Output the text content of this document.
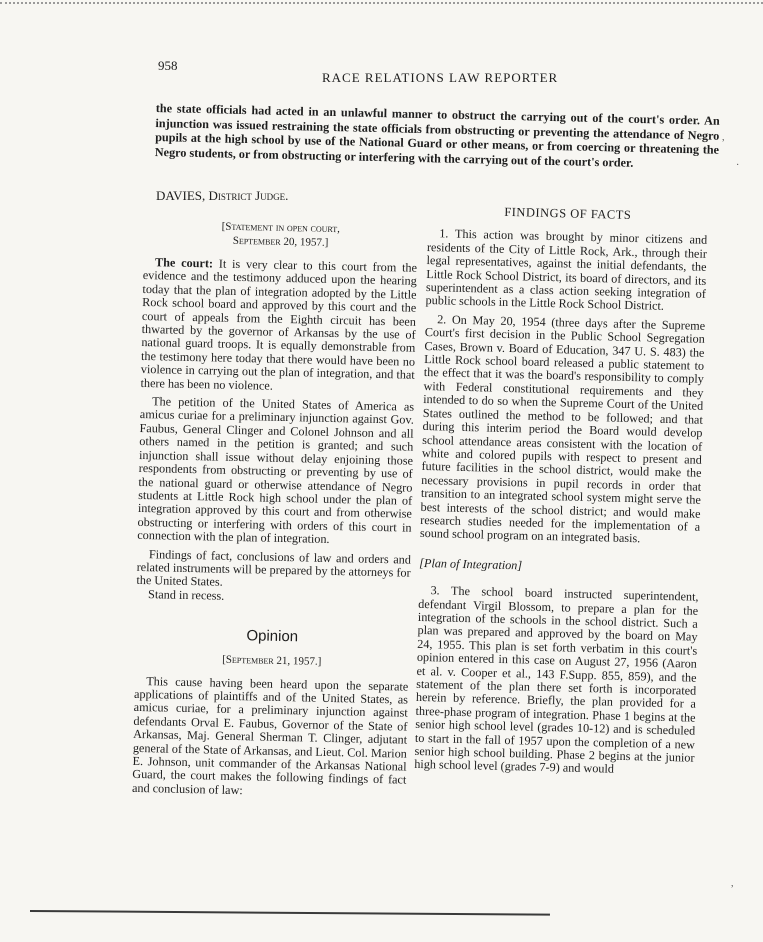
958
RACE RELATIONS LAW REPORTER

the state officials had acted in an unlawful manner to obstruct the carrying out of the court's order. An injunction was issued restraining the state officials from obstructing or preventing the attendance of Negro pupils at the high school by use of the National Guard or other means, or from coercing or threatening the Negro students, or from obstructing or interfering with the carrying out of the court's order.

DAVIES, District Judge.
[Statement in open court,
September 20, 1957.]

The court: It is very clear to this court from the evidence and the testimony adduced upon the hearing today that the plan of integration adopted by the Little Rock school board and approved by this court and the court of appeals from the Eighth circuit has been thwarted by the governor of Arkansas by the use of national guard troops. It is equally demonstrable from the testimony here today that there would have been no violence in carrying out the plan of integration, and that there has been no violence.

The petition of the United States of America as amicus curiae for a preliminary injunction against Gov. Faubus, General Clinger and Colonel Johnson and all others named in the petition is granted; and such injunction shall issue without delay enjoining those respondents from obstructing or preventing by use of the national guard or otherwise attendance of Negro students at Little Rock high school under the plan of integration approved by this court and from otherwise obstructing or interfering with orders of this court in connection with the plan of integration.

Findings of fact, conclusions of law and orders and related instruments will be prepared by the attorneys for the United States.

Stand in recess.

Opinion
[September 21, 1957.]

This cause having been heard upon the separate applications of plaintiffs and of the United States, as amicus curiae, for a preliminary injunction against defendants Orval E. Faubus, Governor of the State of Arkansas, Maj. General Sherman T. Clinger, adjutant general of the State of Arkansas, and Lieut. Col. Marion E. Johnson, unit commander of the Arkansas National Guard, the court makes the following findings of fact and conclusion of law:

FINDINGS OF FACTS

1. This action was brought by minor citizens and residents of the City of Little Rock, Ark., through their legal representatives, against the initial defendants, the Little Rock School District, its board of directors, and its superintendent as a class action seeking integration of public schools in the Little Rock School District.

2. On May 20, 1954 (three days after the Supreme Court's first decision in the Public School Segregation Cases, Brown v. Board of Education, 347 U. S. 483) the Little Rock school board released a public statement to the effect that it was the board's responsibility to comply with Federal constitutional requirements and they intended to do so when the Supreme Court of the United States outlined the method to be followed; and that during this interim period the Board would develop school attendance areas consistent with the location of white and colored pupils with respect to present and future facilities in the school district, would make the necessary provisions in pupil records in order that transition to an integrated school system might serve the best interests of the school district; and would make research studies needed for the implementation of a sound school program on an integrated basis.

[Plan of Integration]

3. The school board instructed superintendent, defendant Virgil Blossom, to prepare a plan for the integration of the schools in the school district. Such a plan was prepared and approved by the board on May 24, 1955. This plan is set forth verbatim in this court's opinion entered in this case on August 27, 1956 (Aaron et al. v. Cooper et al., 143 F.Supp. 855, 859), and the statement of the plan there set forth is incorporated herein by reference. Briefly, the plan provided for a three-phase program of integration. Phase 1 begins at the senior high school level (grades 10-12) and is scheduled to start in the fall of 1957 upon the completion of a new senior high school building. Phase 2 begins at the junior high school level (grades 7-9) and would

,
·
,
